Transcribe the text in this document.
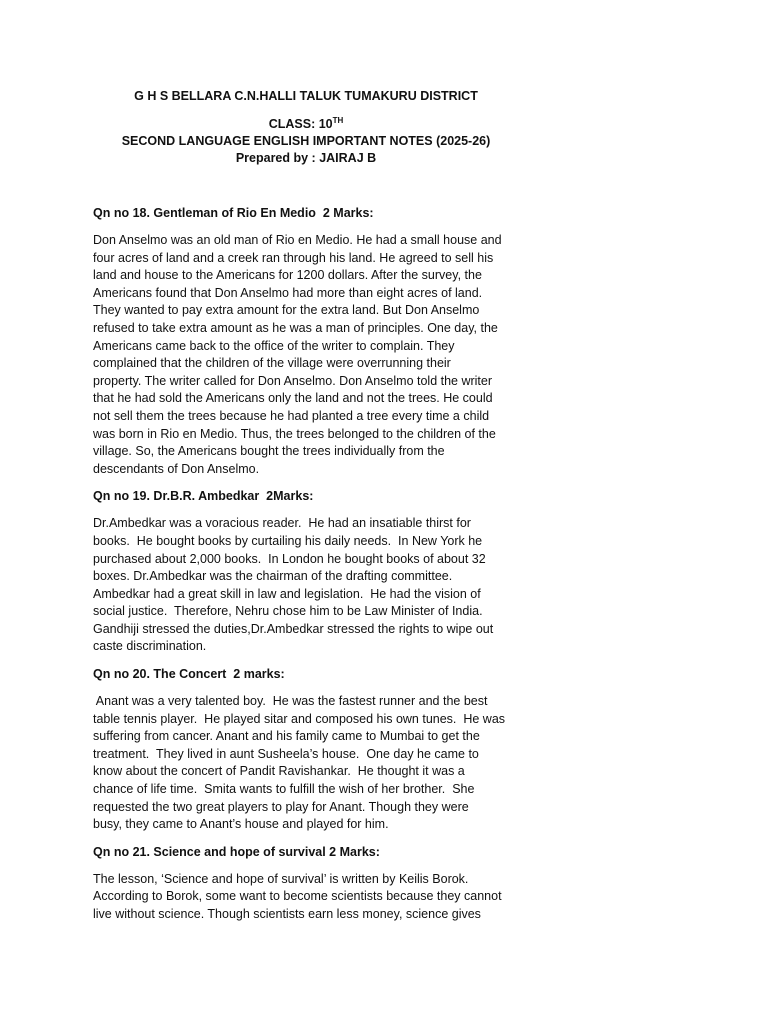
G H S BELLARA C.N.HALLI TALUK TUMAKURU DISTRICT
CLASS: 10TH
SECOND LANGUAGE ENGLISH IMPORTANT NOTES (2025-26)
Prepared by : JAIRAJ B
Qn no 18. Gentleman of Rio En Medio  2 Marks:
Don Anselmo was an old man of Rio en Medio. He had a small house and
four acres of land and a creek ran through his land. He agreed to sell his
land and house to the Americans for 1200 dollars. After the survey, the
Americans found that Don Anselmo had more than eight acres of land.
They wanted to pay extra amount for the extra land. But Don Anselmo
refused to take extra amount as he was a man of principles. One day, the
Americans came back to the office of the writer to complain. They
complained that the children of the village were overrunning their
property. The writer called for Don Anselmo. Don Anselmo told the writer
that he had sold the Americans only the land and not the trees. He could
not sell them the trees because he had planted a tree every time a child
was born in Rio en Medio. Thus, the trees belonged to the children of the
village. So, the Americans bought the trees individually from the
descendants of Don Anselmo.
Qn no 19. Dr.B.R. Ambedkar  2Marks:
Dr.Ambedkar was a voracious reader.  He had an insatiable thirst for
books.  He bought books by curtailing his daily needs.  In New York he
purchased about 2,000 books.  In London he bought books of about 32
boxes. Dr.Ambedkar was the chairman of the drafting committee.
Ambedkar had a great skill in law and legislation.  He had the vision of
social justice.  Therefore, Nehru chose him to be Law Minister of India.
Gandhiji stressed the duties,Dr.Ambedkar stressed the rights to wipe out
caste discrimination.
Qn no 20. The Concert  2 marks:
Anant was a very talented boy.  He was the fastest runner and the best
table tennis player.  He played sitar and composed his own tunes.  He was
suffering from cancer. Anant and his family came to Mumbai to get the
treatment.  They lived in aunt Susheela’s house.  One day he came to
know about the concert of Pandit Ravishankar.  He thought it was a
chance of life time.  Smita wants to fulfill the wish of her brother.  She
requested the two great players to play for Anant. Though they were
busy, they came to Anant’s house and played for him.
Qn no 21. Science and hope of survival 2 Marks:
The lesson, ‘Science and hope of survival’ is written by Keilis Borok.
According to Borok, some want to become scientists because they cannot
live without science. Though scientists earn less money, science gives
